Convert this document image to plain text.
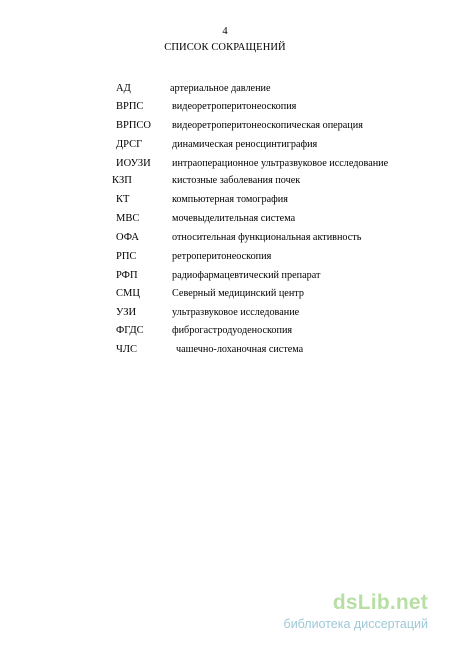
4
СПИСОК СОКРАЩЕНИЙ
АД	артериальное давление
ВРПС	видеоретроперитонеоскопия
ВРПСО видеоретроперитонеоскопическая операция
ДРСГ	динамическая реносцинтиграфия
ИОУЗИ интраоперационное ультразвуковое исследование
КЗП	кистозные заболевания почек
КТ	компьютерная томография
МВС	мочевыделительная система
ОФА	относительная функциональная активность
РПС	ретроперитонеоскопия
РФП	радиофармацевтический препарат
СМЦ	Северный медицинский центр
УЗИ	ультразвуковое исследование
ФГДС	фиброгастродуоденоскопия
ЧЛС	чашечно-лоханочная система
dsLib.net
библиотека диссертаций
